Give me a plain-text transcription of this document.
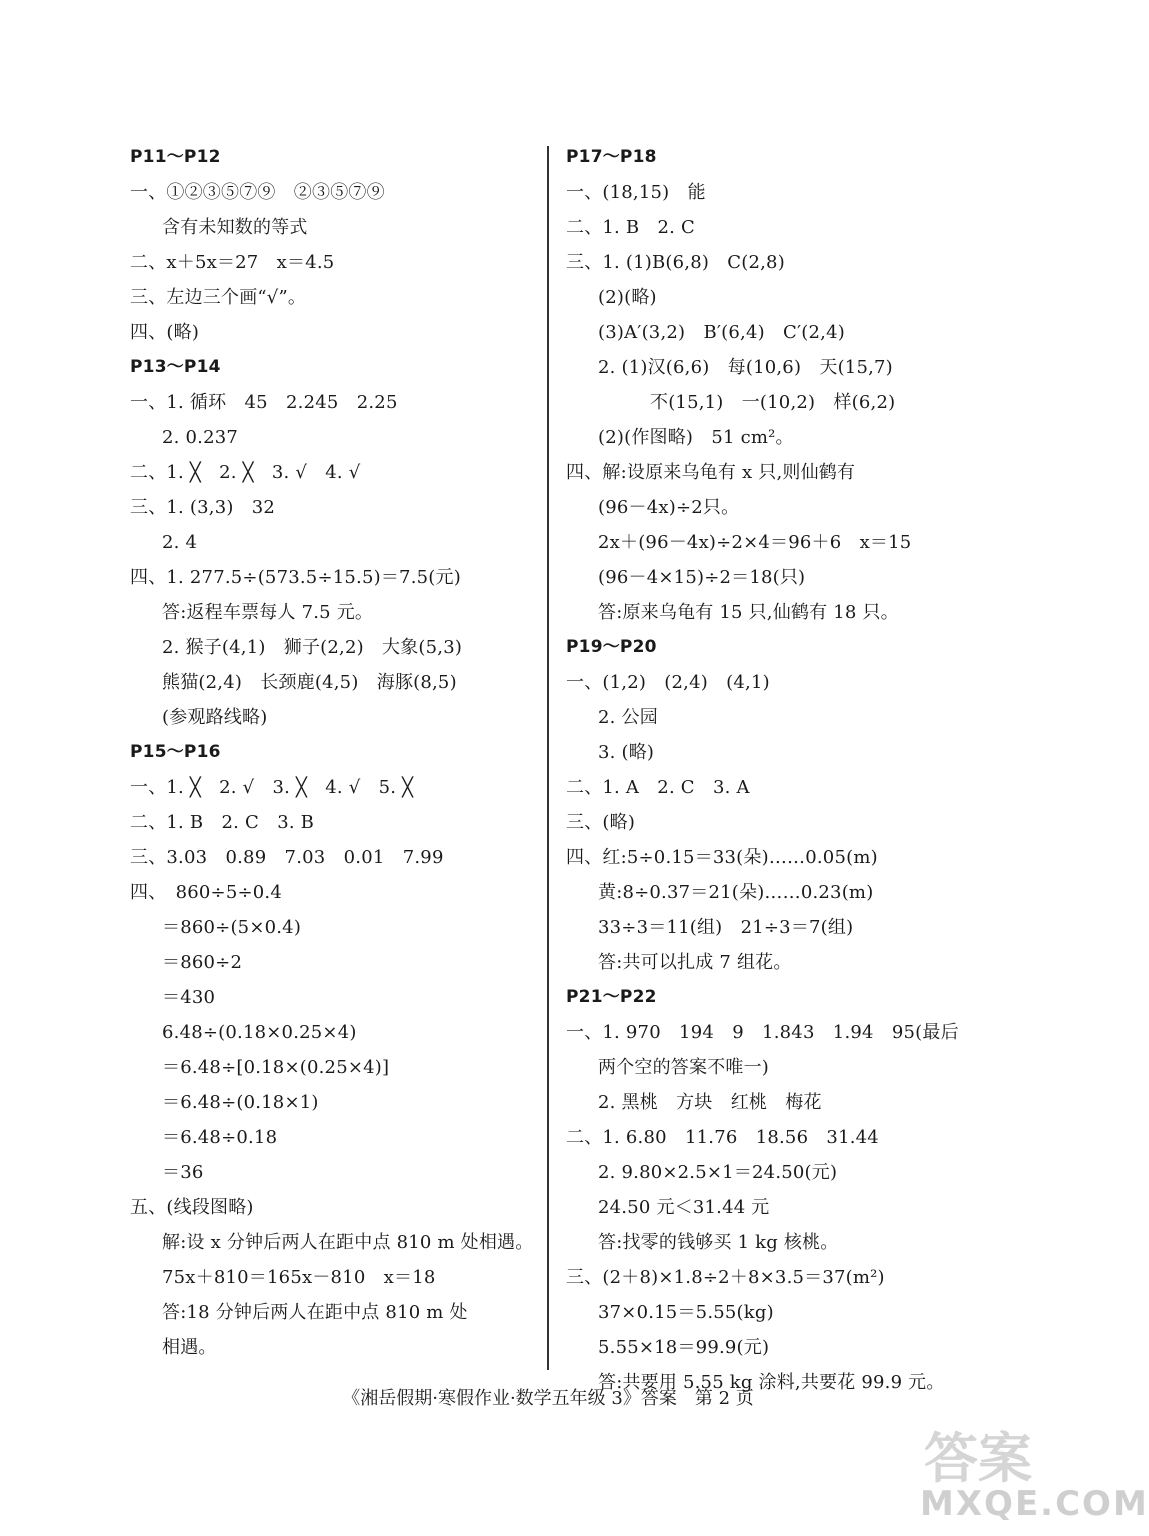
P11～P12
一、①②③⑤⑦⑨　②③⑤⑦⑨
含有未知数的等式
二、x＋5x＝27　x＝4.5
三、左边三个画“√”。
四、(略)
P13～P14
一、1. 循环　45　2.245　2.25
2. 0.237
二、1. ╳　2. ╳　3. √　4. √
三、1. (3,3)　32
2. 4
四、1. 277.5÷(573.5÷15.5)＝7.5(元)
答:返程车票每人 7.5 元。
2. 猴子(4,1)　狮子(2,2)　大象(5,3)
熊猫(2,4)　长颈鹿(4,5)　海豚(8,5)
(参观路线略)
P15～P16
一、1. ╳　2. √　3. ╳　4. √　5. ╳
二、1. B　2. C　3. B
三、3.03　0.89　7.03　0.01　7.99
四、　860÷5÷0.4
＝860÷(5×0.4)
＝860÷2
＝430
6.48÷(0.18×0.25×4)
＝6.48÷[0.18×(0.25×4)]
＝6.48÷(0.18×1)
＝6.48÷0.18
＝36
五、(线段图略)
解:设 x 分钟后两人在距中点 810 m 处相遇。
75x＋810＝165x－810　x＝18
答:18 分钟后两人在距中点 810 m 处
相遇。
P17～P18
一、(18,15)　能
二、1. B　2. C
三、1. (1)B(6,8)　C(2,8)
(2)(略)
(3)A′(3,2)　B′(6,4)　C′(2,4)
2. (1)汉(6,6)　每(10,6)　天(15,7)
不(15,1)　一(10,2)　样(6,2)
(2)(作图略)　51 cm²。
四、解:设原来乌龟有 x 只,则仙鹤有
(96－4x)÷2只。
2x＋(96－4x)÷2×4＝96＋6　x＝15
(96－4×15)÷2＝18(只)
答:原来乌龟有 15 只,仙鹤有 18 只。
P19～P20
一、(1,2)　(2,4)　(4,1)
2. 公园
3. (略)
二、1. A　2. C　3. A
三、(略)
四、红:5÷0.15＝33(朵)……0.05(m)
黄:8÷0.37＝21(朵)……0.23(m)
33÷3＝11(组)　21÷3＝7(组)
答:共可以扎成 7 组花。
P21～P22
一、1. 970　194　9　1.843　1.94　95(最后
两个空的答案不唯一)
2. 黑桃　方块　红桃　梅花
二、1. 6.80　11.76　18.56　31.44
2. 9.80×2.5×1＝24.50(元)
24.50 元＜31.44 元
答:找零的钱够买 1 kg 核桃。
三、(2＋8)×1.8÷2＋8×3.5＝37(m²)
37×0.15＝5.55(kg)
5.55×18＝99.9(元)
答:共要用 5.55 kg 涂料,共要花 99.9 元。
《湘岳假期·寒假作业·数学五年级 3》答案　第 2 页
答案
MXQE.COM
